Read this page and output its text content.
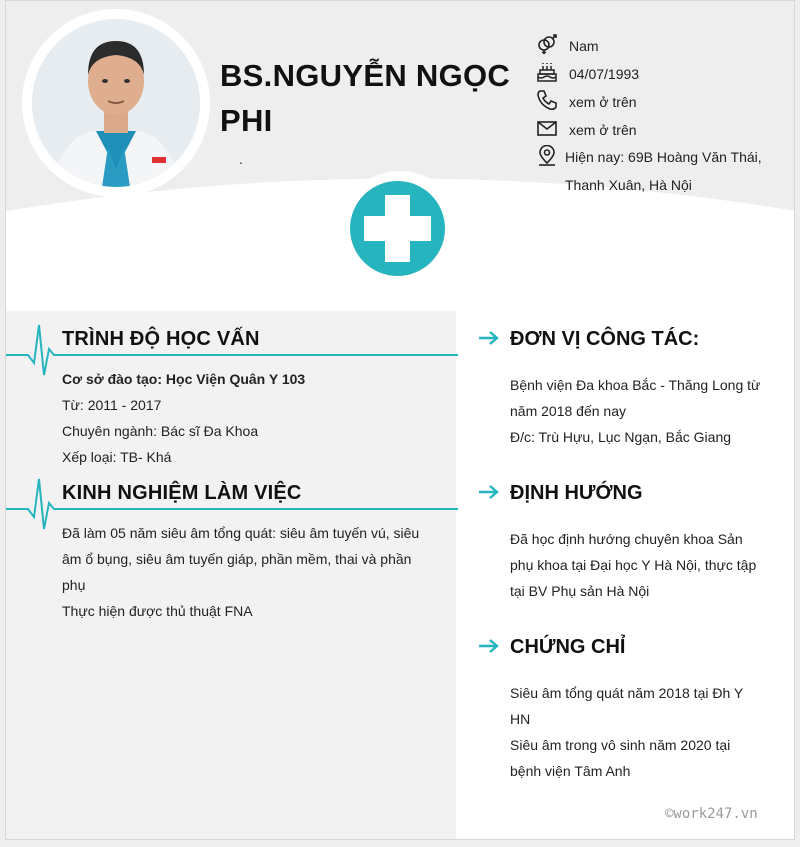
BS.NGUYỄN NGỌC
PHI
.
Nam
04/07/1993
xem ở trên
xem ở trên
Hiện nay: 69B Hoàng Văn Thái,
Thanh Xuân, Hà Nội
TRÌNH ĐỘ HỌC VẤN
Cơ sở đào tạo: Học Viện Quân Y 103
Từ: 2011 - 2017
Chuyên ngành: Bác sĩ Đa Khoa
Xếp loại: TB- Khá
KINH NGHIỆM LÀM VIỆC
Đã làm 05 năm siêu âm tổng quát: siêu âm tuyến vú, siêu
âm ổ bụng, siêu âm tuyến giáp, phần mềm, thai và phần
phụ
Thực hiện được thủ thuật FNA
ĐƠN VỊ CÔNG TÁC:
Bệnh viện Đa khoa Bắc - Thăng Long từ
năm 2018 đến nay
Đ/c: Trù Hựu, Lục Ngạn, Bắc Giang
ĐỊNH HƯỚNG
Đã học định hướng chuyên khoa Sản
phụ khoa tại Đại học Y Hà Nội, thực tập
tại BV Phụ sản Hà Nội
CHỨNG CHỈ
Siêu âm tổng quát năm 2018 tại Đh Y
HN
Siêu âm trong vô sinh năm 2020 tại
bệnh viện Tâm Anh
©work247.vn
